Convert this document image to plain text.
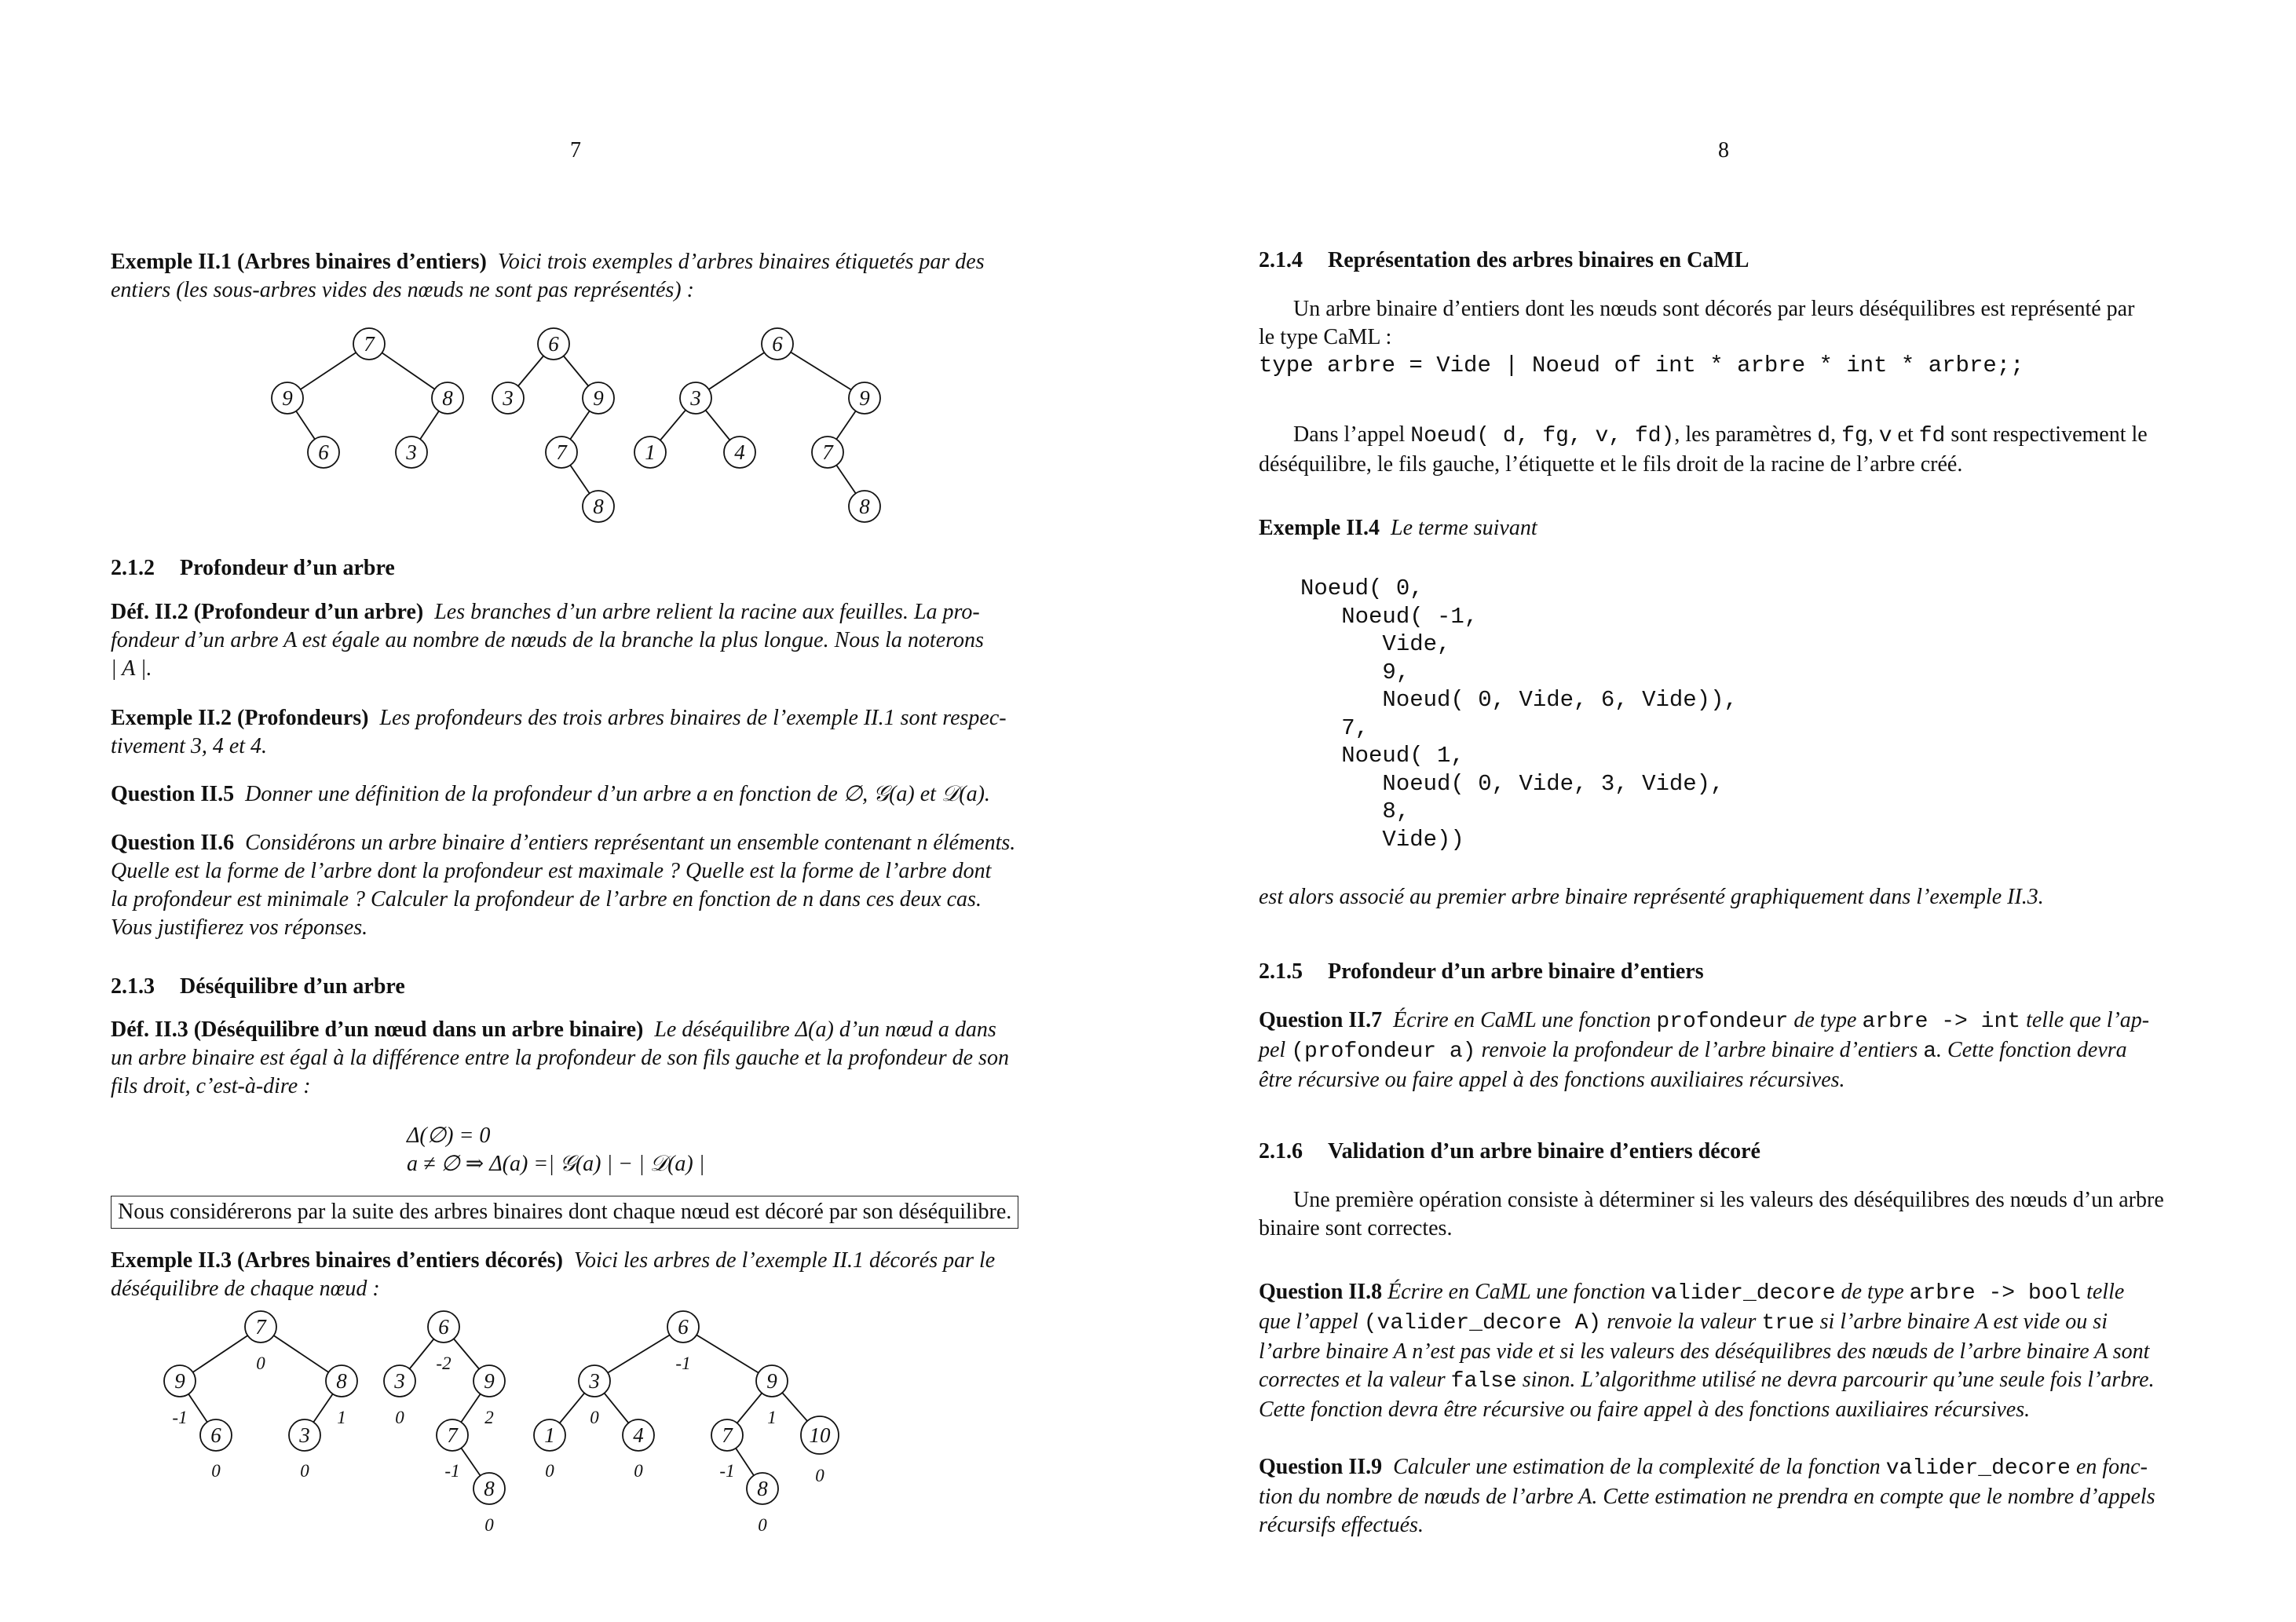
7
Exemple II.1 (Arbres binaires d’entiers) Voici trois exemples d’arbres binaires étiquetés par des
entiers (les sous-arbres vides des nœuds ne sont pas représentés) :
7
9	8
6	3
6
3	9
7
8
6
3	9
1	4	7
8
2.1.2 Profondeur d’un arbre
Déf. II.2 (Profondeur d’un arbre) Les branches d’un arbre relient la racine aux feuilles. La pro-
fondeur d’un arbre A est égale au nombre de nœuds de la branche la plus longue. Nous la noterons
| A |.
Exemple II.2 (Profondeurs) Les profondeurs des trois arbres binaires de l’exemple II.1 sont respec-
tivement 3, 4 et 4.
Question II.5 Donner une définition de la profondeur d’un arbre a en fonction de ∅, 𝒢(a) et 𝒟(a).
Question II.6 Considérons un arbre binaire d’entiers représentant un ensemble contenant n éléments.
Quelle est la forme de l’arbre dont la profondeur est maximale ? Quelle est la forme de l’arbre dont
la profondeur est minimale ? Calculer la profondeur de l’arbre en fonction de n dans ces deux cas.
Vous justifierez vos réponses.
2.1.3 Déséquilibre d’un arbre
Déf. II.3 (Déséquilibre d’un nœud dans un arbre binaire) Le déséquilibre Δ(a) d’un nœud a dans
un arbre binaire est égal à la différence entre la profondeur de son fils gauche et la profondeur de son
fils droit, c’est-à-dire :
Δ(∅) = 0
a ≠ ∅ ⇒ Δ(a) =| 𝒢(a) | − | 𝒟(a) |
Nous considérerons par la suite des arbres binaires dont chaque nœud est décoré par son déséquilibre.
Exemple II.3 (Arbres binaires d’entiers décorés) Voici les arbres de l’exemple II.1 décorés par le
déséquilibre de chaque nœud :
7
9	8
6	3
6
3	9
7
8
6
3	9
1	4	7	10
8
0
-1	1
0	0
-2
0	2
-1
0
-1
0	1
0	0	-1	0
0
8
2.1.4 Représentation des arbres binaires en CaML
Un arbre binaire d’entiers dont les nœuds sont décorés par leurs déséquilibres est représenté par
le type CaML :
type arbre = Vide | Noeud of int * arbre * int * arbre;;
Dans l’appel Noeud( d, fg, v, fd), les paramètres d, fg, v et fd sont respectivement le
déséquilibre, le fils gauche, l’étiquette et le fils droit de la racine de l’arbre créé.
Exemple II.4 Le terme suivant

Noeud( 0,

Noeud( -1,

Vide,

9,

Noeud( 0, Vide, 6, Vide)),

7,

Noeud( 1,

Noeud( 0, Vide, 3, Vide),

8,

Vide))

est alors associé au premier arbre binaire représenté graphiquement dans l’exemple II.3.
2.1.5 Profondeur d’un arbre binaire d’entiers
Question II.7 Écrire en CaML une fonction profondeur de type arbre -> int telle que l’ap-
pel (profondeur a) renvoie la profondeur de l’arbre binaire d’entiers a. Cette fonction devra
être récursive ou faire appel à des fonctions auxiliaires récursives.
2.1.6 Validation d’un arbre binaire d’entiers décoré
Une première opération consiste à déterminer si les valeurs des déséquilibres des nœuds d’un arbre
binaire sont correctes.
Question II.8 Écrire en CaML une fonction valider_decore de type arbre -> bool telle
que l’appel (valider_decore A) renvoie la valeur true si l’arbre binaire A est vide ou si
l’arbre binaire A n’est pas vide et si les valeurs des déséquilibres des nœuds de l’arbre binaire A sont
correctes et la valeur false sinon. L’algorithme utilisé ne devra parcourir qu’une seule fois l’arbre.
Cette fonction devra être récursive ou faire appel à des fonctions auxiliaires récursives.
Question II.9 Calculer une estimation de la complexité de la fonction valider_decore en fonc-
tion du nombre de nœuds de l’arbre A. Cette estimation ne prendra en compte que le nombre d’appels
récursifs effectués.
